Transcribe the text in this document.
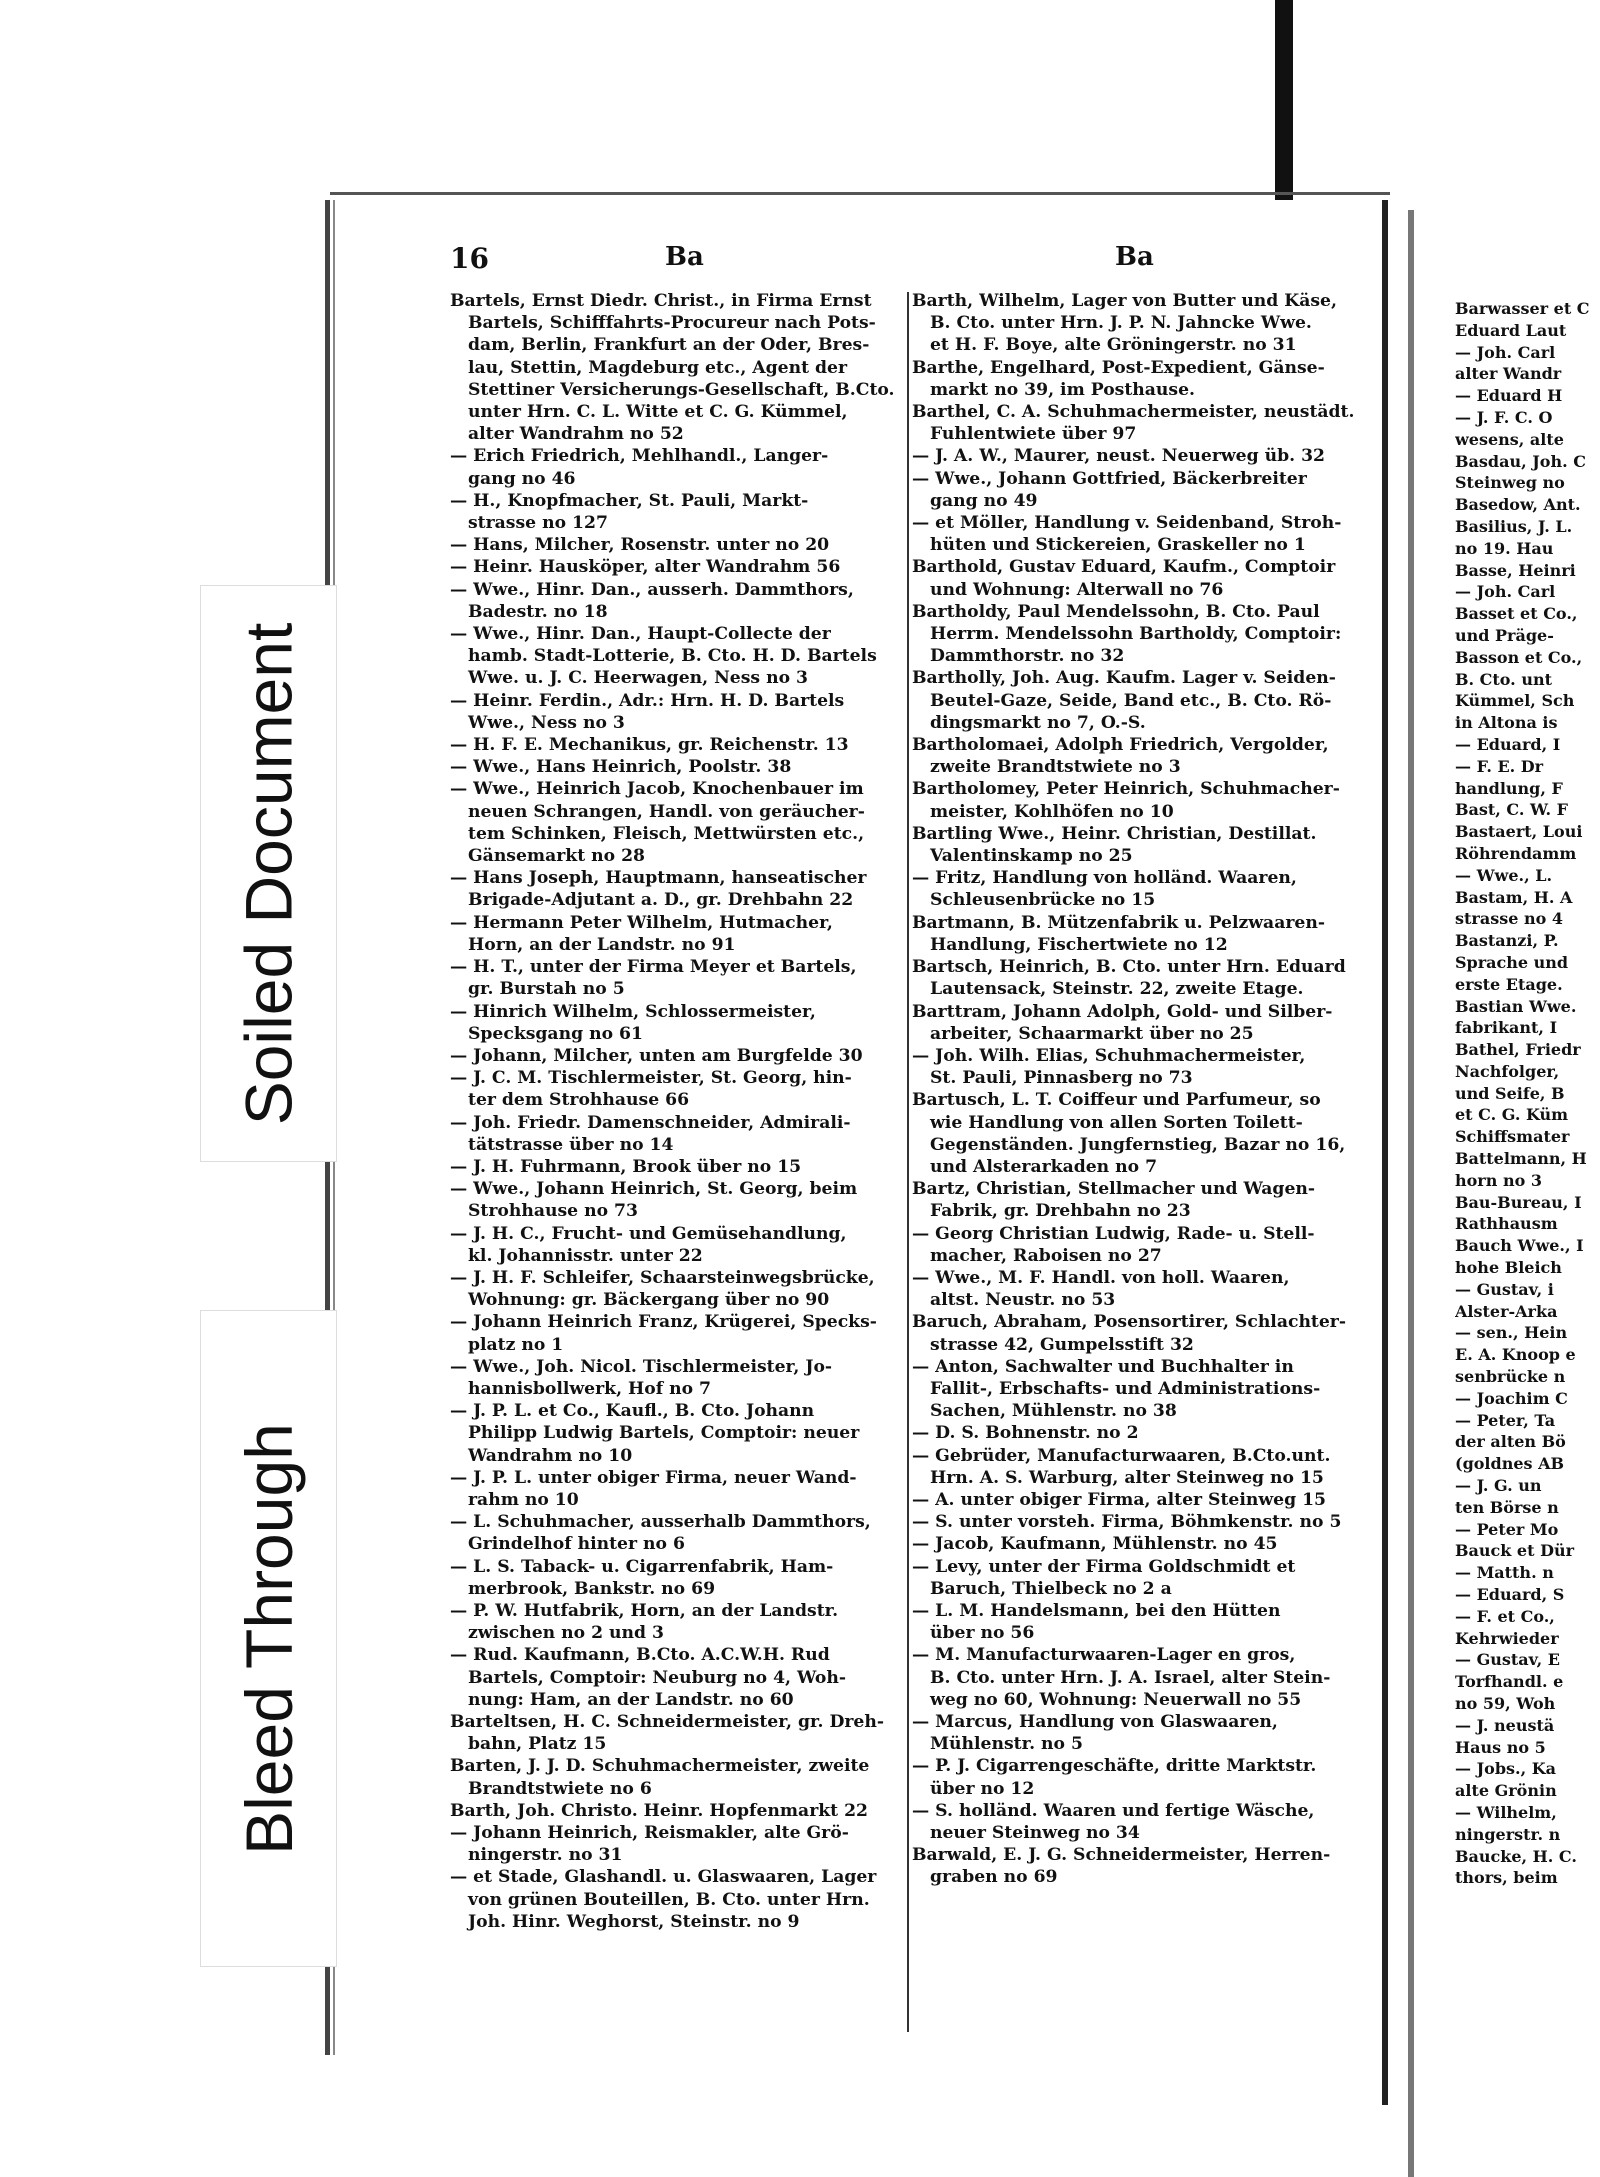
Soiled Document
Bleed Through
16	Ba	Ba
Bartels, Ernst Diedr. Christ., in Firma Ernst
Bartels, Schifffahrts-Procureur nach Pots-
dam, Berlin, Frankfurt an der Oder, Bres-
lau, Stettin, Magdeburg etc., Agent der
Stettiner Versicherungs-Gesellschaft, B.Cto.
unter Hrn. C. L. Witte et C. G. Kümmel,
alter Wandrahm no 52
— Erich Friedrich, Mehlhandl., Langer-
gang no 46
— H., Knopfmacher, St. Pauli, Markt-
strasse no 127
— Hans, Milcher, Rosenstr. unter no 20
— Heinr. Hausköper, alter Wandrahm 56
— Wwe., Hinr. Dan., ausserh. Dammthors,
Badestr. no 18
— Wwe., Hinr. Dan., Haupt-Collecte der
hamb. Stadt-Lotterie, B. Cto. H. D. Bartels
Wwe. u. J. C. Heerwagen, Ness no 3
— Heinr. Ferdin., Adr.: Hrn. H. D. Bartels
Wwe., Ness no 3
— H. F. E. Mechanikus, gr. Reichenstr. 13
— Wwe., Hans Heinrich, Poolstr. 38
— Wwe., Heinrich Jacob, Knochenbauer im
neuen Schrangen, Handl. von geräucher-
tem Schinken, Fleisch, Mettwürsten etc.,
Gänsemarkt no 28
— Hans Joseph, Hauptmann, hanseatischer
Brigade-Adjutant a. D., gr. Drehbahn 22
— Hermann Peter Wilhelm, Hutmacher,
Horn, an der Landstr. no 91
— H. T., unter der Firma Meyer et Bartels,
gr. Burstah no 5
— Hinrich Wilhelm, Schlossermeister,
Specksgang no 61
— Johann, Milcher, unten am Burgfelde 30
— J. C. M. Tischlermeister, St. Georg, hin-
ter dem Strohhause 66
— Joh. Friedr. Damenschneider, Admirali-
tätstrasse über no 14
— J. H. Fuhrmann, Brook über no 15
— Wwe., Johann Heinrich, St. Georg, beim
Strohhause no 73
— J. H. C., Frucht- und Gemüsehandlung,
kl. Johannisstr. unter 22
— J. H. F. Schleifer, Schaarsteinwegsbrücke,
Wohnung: gr. Bäckergang über no 90
— Johann Heinrich Franz, Krügerei, Specks-
platz no 1
— Wwe., Joh. Nicol. Tischlermeister, Jo-
hannisbollwerk, Hof no 7
— J. P. L. et Co., Kaufl., B. Cto. Johann
Philipp Ludwig Bartels, Comptoir: neuer
Wandrahm no 10
— J. P. L. unter obiger Firma, neuer Wand-
rahm no 10
— L. Schuhmacher, ausserhalb Dammthors,
Grindelhof hinter no 6
— L. S. Taback- u. Cigarrenfabrik, Ham-
merbrook, Bankstr. no 69
— P. W. Hutfabrik, Horn, an der Landstr.
zwischen no 2 und 3
— Rud. Kaufmann, B.Cto. A.C.W.H. Rud
Bartels, Comptoir: Neuburg no 4, Woh-
nung: Ham, an der Landstr. no 60
Barteltsen, H. C. Schneidermeister, gr. Dreh-
bahn, Platz 15
Barten, J. J. D. Schuhmachermeister, zweite
Brandtstwiete no 6
Barth, Joh. Christo. Heinr. Hopfenmarkt 22
— Johann Heinrich, Reismakler, alte Grö-
ningerstr. no 31
— et Stade, Glashandl. u. Glaswaaren, Lager
von grünen Bouteillen, B. Cto. unter Hrn.
Joh. Hinr. Weghorst, Steinstr. no 9
Barth, Wilhelm, Lager von Butter und Käse,
B. Cto. unter Hrn. J. P. N. Jahncke Wwe.
et H. F. Boye, alte Gröningerstr. no 31
Barthe, Engelhard, Post-Expedient, Gänse-
markt no 39, im Posthause.
Barthel, C. A. Schuhmachermeister, neustädt.
Fuhlentwiete über 97
— J. A. W., Maurer, neust. Neuerweg üb. 32
— Wwe., Johann Gottfried, Bäckerbreiter
gang no 49
— et Möller, Handlung v. Seidenband, Stroh-
hüten und Stickereien, Graskeller no 1
Barthold, Gustav Eduard, Kaufm., Comptoir
und Wohnung: Alterwall no 76
Bartholdy, Paul Mendelssohn, B. Cto. Paul
Herrm. Mendelssohn Bartholdy, Comptoir:
Dammthorstr. no 32
Bartholly, Joh. Aug. Kaufm. Lager v. Seiden-
Beutel-Gaze, Seide, Band etc., B. Cto. Rö-
dingsmarkt no 7, O.-S.
Bartholomaei, Adolph Friedrich, Vergolder,
zweite Brandtstwiete no 3
Bartholomey, Peter Heinrich, Schuhmacher-
meister, Kohlhöfen no 10
Bartling Wwe., Heinr. Christian, Destillat.
Valentinskamp no 25
— Fritz, Handlung von holländ. Waaren,
Schleusenbrücke no 15
Bartmann, B. Mützenfabrik u. Pelzwaaren-
Handlung, Fischertwiete no 12
Bartsch, Heinrich, B. Cto. unter Hrn. Eduard
Lautensack, Steinstr. 22, zweite Etage.
Barttram, Johann Adolph, Gold- und Silber-
arbeiter, Schaarmarkt über no 25
— Joh. Wilh. Elias, Schuhmachermeister,
St. Pauli, Pinnasberg no 73
Bartusch, L. T. Coiffeur und Parfumeur, so
wie Handlung von allen Sorten Toilett-
Gegenständen. Jungfernstieg, Bazar no 16,
und Alsterarkaden no 7
Bartz, Christian, Stellmacher und Wagen-
Fabrik, gr. Drehbahn no 23
— Georg Christian Ludwig, Rade- u. Stell-
macher, Raboisen no 27
— Wwe., M. F. Handl. von holl. Waaren,
altst. Neustr. no 53
Baruch, Abraham, Posensortirer, Schlachter-
strasse 42, Gumpelsstift 32
— Anton, Sachwalter und Buchhalter in
Fallit-, Erbschafts- und Administrations-
Sachen, Mühlenstr. no 38
— D. S. Bohnenstr. no 2
— Gebrüder, Manufacturwaaren, B.Cto.unt.
Hrn. A. S. Warburg, alter Steinweg no 15
— A. unter obiger Firma, alter Steinweg 15
— S. unter vorsteh. Firma, Böhmkenstr. no 5
— Jacob, Kaufmann, Mühlenstr. no 45
— Levy, unter der Firma Goldschmidt et
Baruch, Thielbeck no 2 a
— L. M. Handelsmann, bei den Hütten
über no 56
— M. Manufacturwaaren-Lager en gros,
B. Cto. unter Hrn. J. A. Israel, alter Stein-
weg no 60, Wohnung: Neuerwall no 55
— Marcus, Handlung von Glaswaaren,
Mühlenstr. no 5
— P. J. Cigarrengeschäfte, dritte Marktstr.
über no 12
— S. holländ. Waaren und fertige Wäsche,
neuer Steinweg no 34
Barwald, E. J. G. Schneidermeister, Herren-
graben no 69
Barwasser et C
Eduard Laut
— Joh. Carl
alter Wandr
— Eduard H
— J. F. C. O
wesens, alte
Basdau, Joh. C
Steinweg no
Basedow, Ant.
Basilius, J. L.
no 19. Hau
Basse, Heinri
— Joh. Carl
Basset et Co.,
und Präge-
Basson et Co.,
B. Cto. unt
Kümmel, Sch
in Altona is
— Eduard, I
— F. E. Dr
handlung, F
Bast, C. W. F
Bastaert, Loui
Röhrendamm
— Wwe., L.
Bastam, H. A
strasse no 4
Bastanzi, P.
Sprache und
erste Etage.
Bastian Wwe.
fabrikant, I
Bathel, Friedr
Nachfolger,
und Seife, B
et C. G. Küm
Schiffsmater
Battelmann, H
horn no 3
Bau-Bureau, I
Rathhausm
Bauch Wwe., I
hohe Bleich
— Gustav, i
Alster-Arka
— sen., Hein
E. A. Knoop e
senbrücke n
— Joachim C
— Peter, Ta
der alten Bö
(goldnes AB
— J. G. un
ten Börse n
— Peter Mo
Bauck et Dür
— Matth. n
— Eduard, S
— F. et Co.,
Kehrwieder
— Gustav, E
Torfhandl. e
no 59, Woh
— J. neustä
Haus no 5
— Jobs., Ka
alte Grönin
— Wilhelm,
ningerstr. n
Baucke, H. C.
thors, beim
